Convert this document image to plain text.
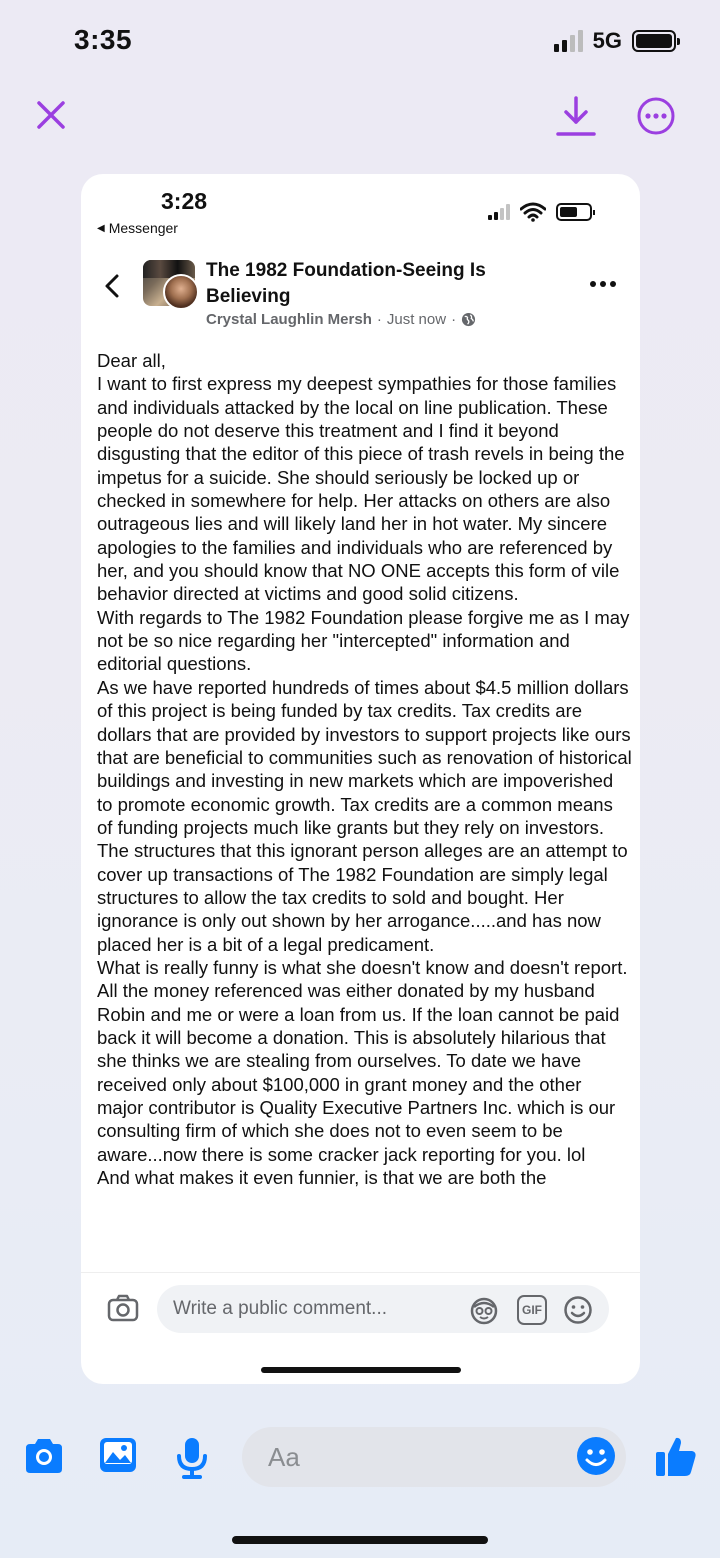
3:35	5G
3:28
◀ Messenger
The 1982 Foundation-Seeing Is Believing
Crystal Laughlin Mersh · Just now ·

Dear all,
I want to first express my deepest sympathies for those families and individuals attacked by the local on line publication. These people do not deserve this treatment and I find it beyond disgusting that the editor of this piece of trash revels in being the impetus for a suicide. She should seriously be locked up or checked in somewhere for help. Her attacks on others are also outrageous lies and will likely land her in hot water. My sincere apologies to the families and individuals who are referenced by her, and you should know that NO ONE accepts this form of vile behavior directed at victims and good solid citizens.
With regards to The 1982 Foundation please forgive me as I may not be so nice regarding her "intercepted" information and editorial questions.
As we have reported hundreds of times about $4.5 million dollars of this project is being funded by tax credits. Tax credits are dollars that are provided by investors to support projects like ours that are beneficial to communities such as renovation of historical buildings and investing in new markets which are impoverished to promote economic growth. Tax credits are a common means of funding projects much like grants but they rely on investors.
The structures that this ignorant person alleges are an attempt to cover up transactions of The 1982 Foundation are simply legal structures to allow the tax credits to sold and bought. Her ignorance is only out shown by her arrogance.....and has now placed her is a bit of a legal predicament.
What is really funny is what she doesn't know and doesn't report. All the money referenced was either donated by my husband Robin and me or were a loan from us. If the loan cannot be paid back it will become a donation. This is absolutely hilarious that she thinks we are stealing from ourselves. To date we have received only about $100,000 in grant money and the other major contributor is Quality Executive Partners Inc. which is our consulting firm of which she does not to even seem to be aware...now there is some cracker jack reporting for you. lol
And what makes it even funnier, is that we are both the

Write a public comment...
GIF
Aa
